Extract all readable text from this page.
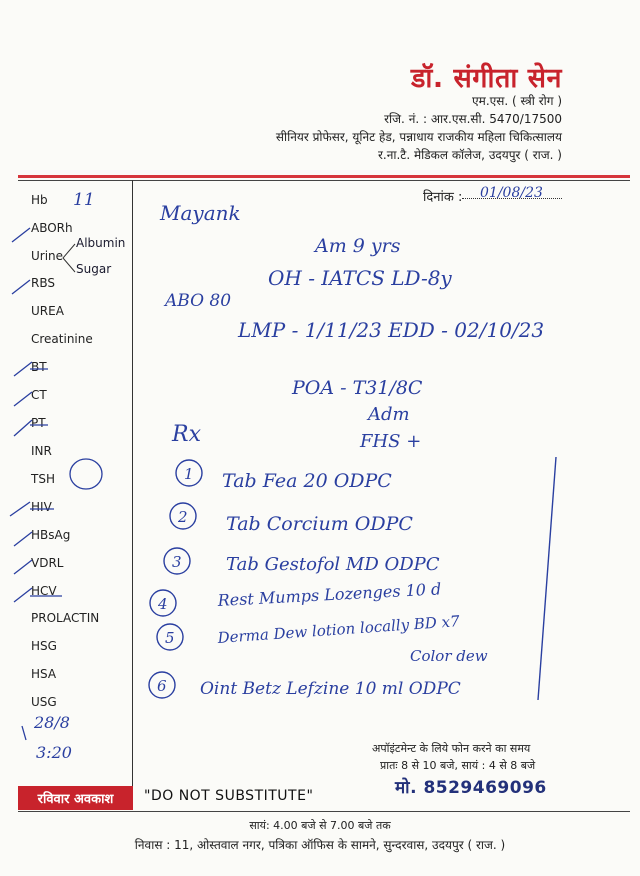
डॉ. संगीता सेन
एम.एस. ( स्त्री रोग )
रजि. नं. : आर.एस.सी. 5470/17500
सीनियर प्रोफेसर, यूनिट हेड, पन्नाधाय राजकीय महिला चिकित्सालय
र.ना.टै. मेडिकल कॉलेज, उदयपुर ( राज. )
दिनांक :
Hb
ABORh
Urine
Albumin
Sugar
RBS
UREA
Creatinine
BT
CT
PT
INR
TSH
HIV
HBsAg
VDRL
HCV
PROLACTIN
HSG
HSA
USG
11	01/08/23
Mayank
Am 9 yrs
ABO 80
OH - IATCS LD-8y
LMP - 1/11/23 EDD - 02/10/23
POA - T31/8C
Adm
FHS +
Rx
1
2
3
4
5
6
Tab Fea 20 ODPC
Tab Corcium ODPC
Tab Gestofol MD ODPC
Rest Mumps Lozenges 10 d
Derma Dew lotion locally BD x7
Color dew
Oint Betz Lefzine 10 ml ODPC
28/8
3:20	अपॉइंटमेन्ट के लिये फोन करने का समय
प्रातः 8 से 10 बजे, सायं : 4 से 8 बजे
मो. 8529469096
रविवार अवकाश	"DO NOT SUBSTITUTE"
सायं: 4.00 बजे से 7.00 बजे तक
निवास : 11, ओस्तवाल नगर, पत्रिका ऑफिस के सामने, सुन्दरवास, उदयपुर ( राज. )
